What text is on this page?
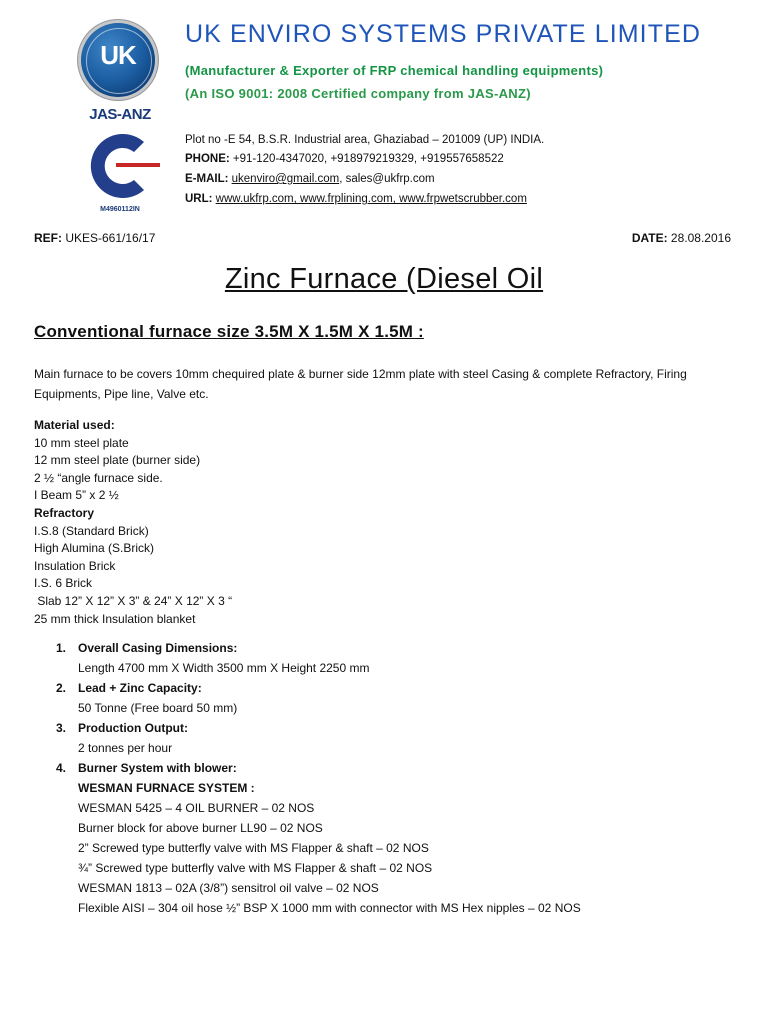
UK
JAS-ANZ
M4960112IN
UK ENVIRO SYSTEMS PRIVATE LIMITED
(Manufacturer & Exporter of FRP chemical handling equipments)
(An ISO 9001: 2008 Certified company from JAS-ANZ)
Plot no -E 54, B.S.R. Industrial area, Ghaziabad – 201009 (UP) INDIA.
PHONE: +91-120-4347020, +918979219329, +919557658522
E-MAIL: ukenviro@gmail.com, sales@ukfrp.com
URL: www.ukfrp.com, www.frplining.com, www.frpwetscrubber.com
REF: UKES-661/16/17	DATE: 28.08.2016
Zinc Furnace (Diesel Oil
Conventional furnace size 3.5M X 1.5M X 1.5M :
Main furnace to be covers 10mm chequired plate & burner side 12mm plate with steel Casing & complete Refractory, Firing Equipments, Pipe line, Valve etc.
Material used:
10 mm steel plate
12 mm steel plate (burner side)
2 ½ “angle furnace side.
I Beam 5” x 2 ½
Refractory
I.S.8 (Standard Brick)
High Alumina (S.Brick)
Insulation Brick
I.S. 6 Brick
Slab 12” X 12” X 3” & 24” X 12” X 3 “
25 mm thick Insulation blanket
1. Overall Casing Dimensions:
Length 4700 mm X Width 3500 mm X Height 2250 mm
2. Lead + Zinc Capacity:
50 Tonne (Free board 50 mm)
3. Production Output:
2 tonnes per hour
4. Burner System with blower:
WESMAN FURNACE SYSTEM :
WESMAN 5425 – 4 OIL BURNER – 02 NOS
Burner block for above burner LL90 – 02 NOS
2” Screwed type butterfly valve with MS Flapper & shaft – 02 NOS
¾” Screwed type butterfly valve with MS Flapper & shaft – 02 NOS
WESMAN 1813 – 02A (3/8”) sensitrol oil valve – 02 NOS
Flexible AISI – 304 oil hose ½” BSP X 1000 mm with connector with MS Hex nipples – 02 NOS
